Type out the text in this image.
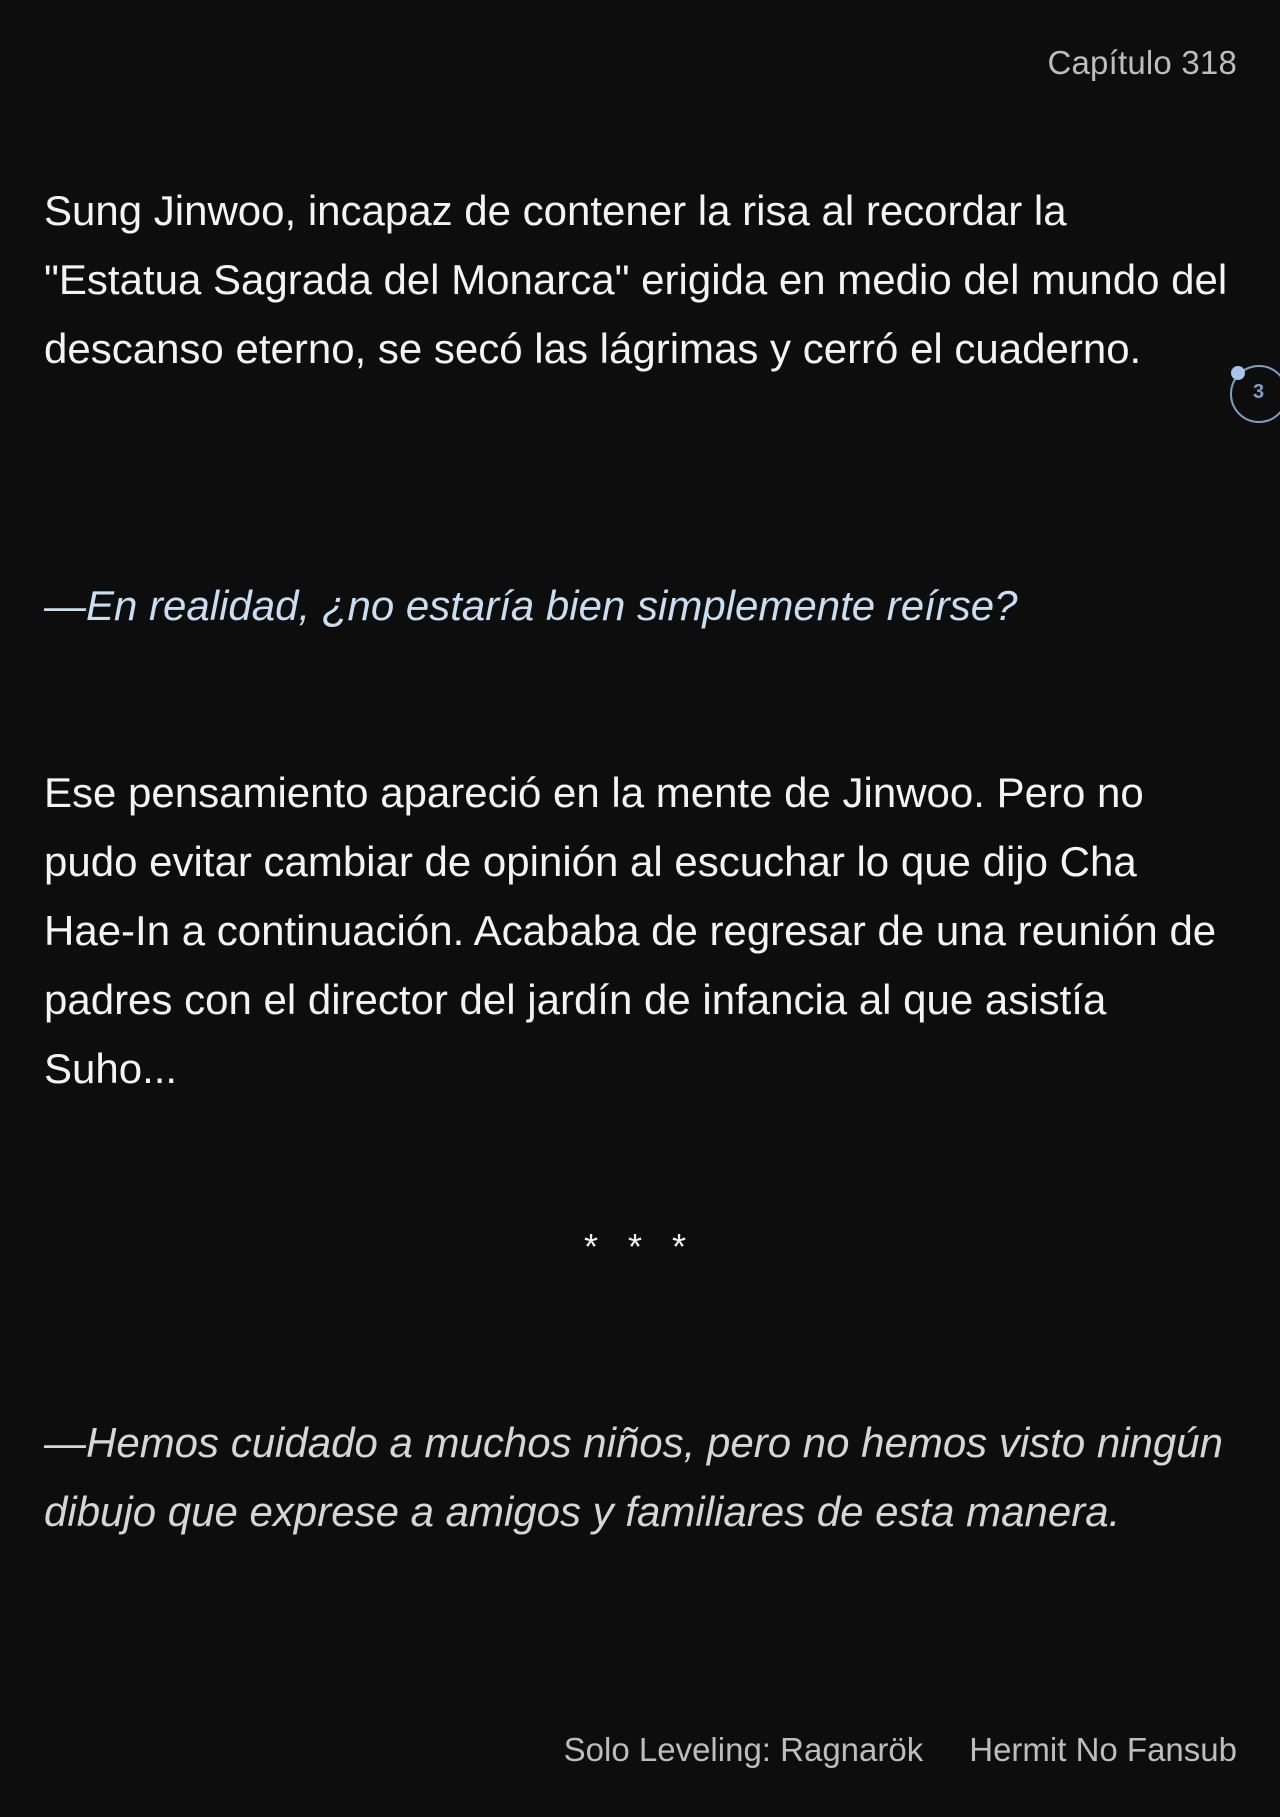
Capítulo 318

Sung Jinwoo, incapaz de contener la risa al recordar la "Estatua Sagrada del Monarca" erigida en medio del mundo del descanso eterno, se secó las lágrimas y cerró el cuaderno.

—En realidad, ¿no estaría bien simplemente reírse?

Ese pensamiento apareció en la mente de Jinwoo. Pero no pudo evitar cambiar de opinión al escuchar lo que dijo Cha Hae-In a continuación. Acababa de regresar de una reunión de padres con el director del jardín de infancia al que asistía Suho...

* * *

—Hemos cuidado a muchos niños, pero no hemos visto ningún dibujo que exprese a amigos y familiares de esta manera.

3
Solo Leveling: Ragnarök Hermit No Fansub
